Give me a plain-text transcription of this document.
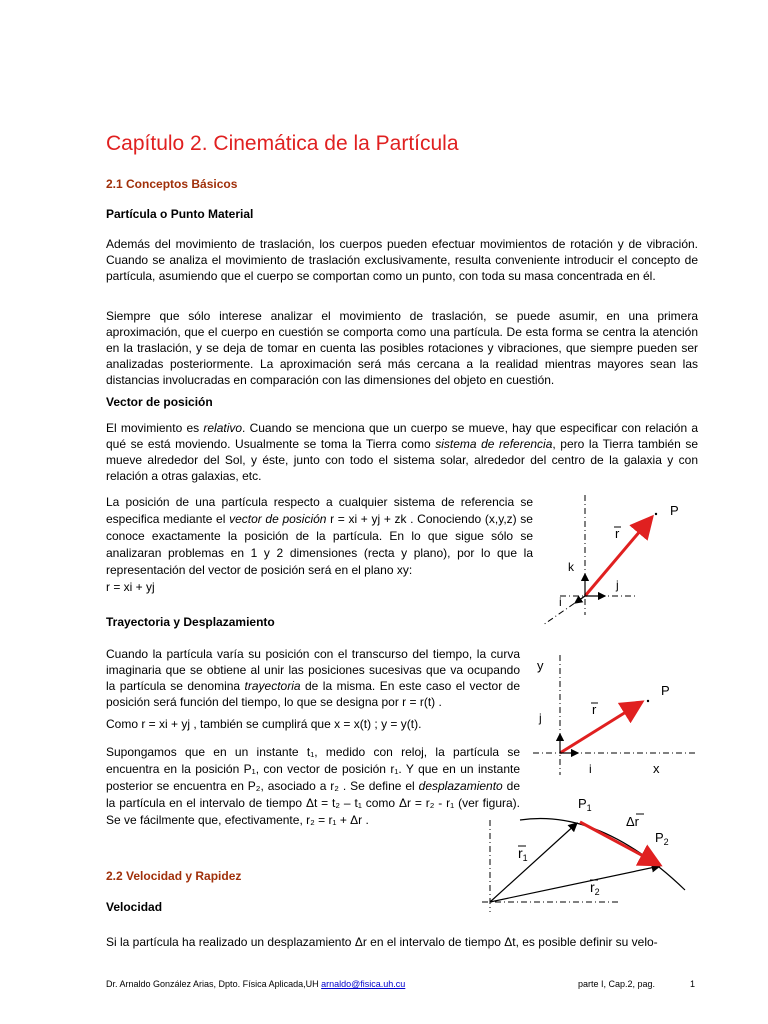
Capítulo 2. Cinemática de la Partícula
2.1 Conceptos Básicos
Partícula o Punto Material
Además del movimiento de traslación, los cuerpos pueden efectuar movimientos de rotación y de vibración. Cuando se analiza el movimiento de traslación exclusivamente, resulta conveniente introducir el concepto de partícula, asumiendo que el cuerpo se comportan como un punto, con toda su masa concentrada en él.
Siempre que sólo interese analizar el movimiento de traslación, se puede asumir, en una primera aproximación, que el cuerpo en cuestión se comporta como una partícula. De esta forma se centra la atención en la traslación, y se deja de tomar en cuenta las posibles rotaciones y vibraciones, que siempre pueden ser analizadas posteriormente. La aproximación será más cercana a la realidad mientras mayores sean las distancias involucradas en comparación con las dimensiones del objeto en cuestión.
Vector de posición
El movimiento es relativo. Cuando se menciona que un cuerpo se mueve, hay que especificar con relación a qué se está moviendo. Usualmente se toma la Tierra como sistema de referencia, pero la Tierra también se mueve alrededor del Sol, y éste, junto con todo el sistema solar, alrededor del centro de la galaxia y con relación a otras galaxias, etc.
La posición de una partícula respecto a cualquier sistema de referencia se especifica mediante el vector de posición r = xi + yj + zk . Conociendo (x,y,z) se conoce exactamente la posición de la partícula. En lo que sigue sólo se analizaran problemas en 1 y 2 dimensiones (recta y plano), por lo que la representación del vector de posición será en el plano xy:
r = xi + yj
Trayectoria y Desplazamiento
Cuando la partícula varía su posición con el transcurso del tiempo, la curva imaginaria que se obtiene al unir las posiciones sucesivas que va ocupando la partícula se denomina trayectoria de la misma. En este caso el vector de posición será función del tiempo, lo que se designa por r = r(t) .
Como r = xi + yj , también se cumplirá que x = x(t) ; y = y(t).
Supongamos que en un instante t₁, medido con reloj, la partícula se encuentra en la posición P₁, con vector de posición r₁. Y que en un instante posterior se encuentra en P₂, asociado a r₂ . Se define el desplazamiento de la partícula en el intervalo de tiempo Δt = t₂ – t₁ como Δr = r₂ - r₁ (ver figura). Se ve fácilmente que, efectivamente, r₂ = r₁ + Δr .
2.2 Velocidad y Rapidez
Velocidad
Si la partícula ha realizado un desplazamiento Δr en el intervalo de tiempo Δt, es posible definir su velo-
P
r
k
j
i
y
P
r
j
i	x
$P_1$
$P_2$
Δr
$r_1$
$r_2$
Dr. Arnaldo González Arias, Dpto. Física Aplicada,UH arnaldo@fisica.uh.cu	parte I, Cap.2, pag.	1
